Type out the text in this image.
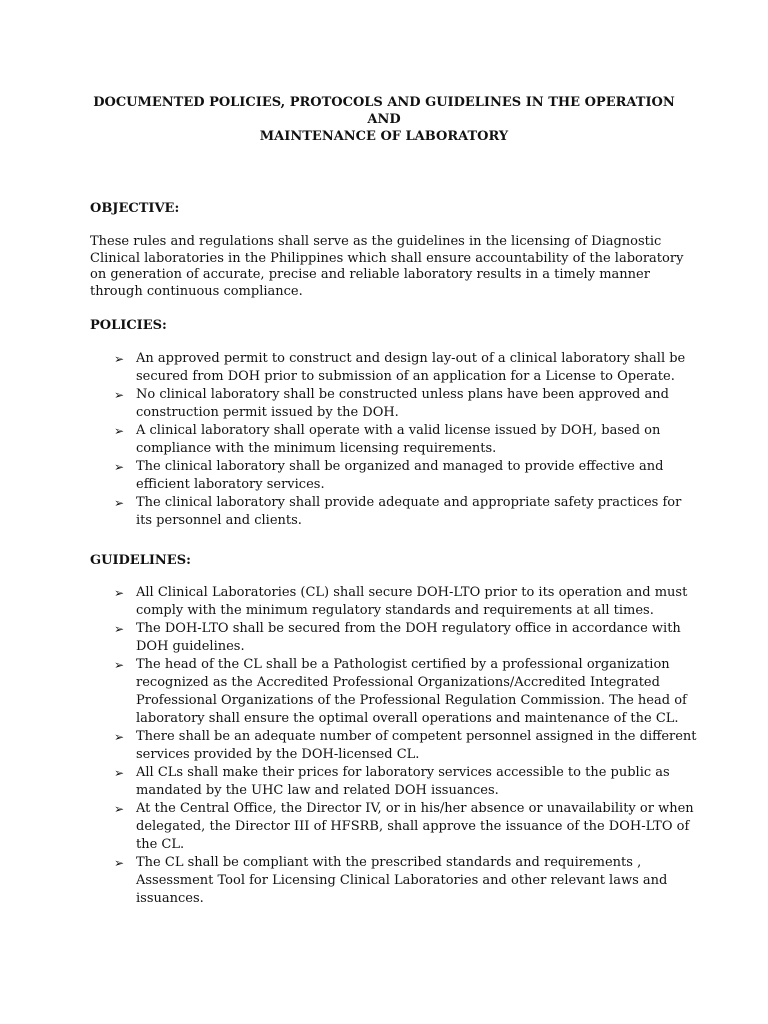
DOCUMENTED POLICIES, PROTOCOLS AND GUIDELINES IN THE OPERATION AND
MAINTENANCE OF LABORATORY
OBJECTIVE:
These rules and regulations shall serve as the guidelines in the licensing of Diagnostic Clinical laboratories in the Philippines which shall ensure accountability of the laboratory on generation of accurate, precise and reliable laboratory results in a timely manner through continuous compliance.
POLICIES:
➢ An approved permit to construct and design lay-out of a clinical laboratory shall be secured from DOH prior to submission of an application for a License to Operate.
➢ No clinical laboratory shall be constructed unless plans have been approved and construction permit issued by the DOH.
➢ A clinical laboratory shall operate with a valid license issued by DOH, based on compliance with the minimum licensing requirements.
➢ The clinical laboratory shall be organized and managed to provide effective and efficient laboratory services.
➢ The clinical laboratory shall provide adequate and appropriate safety practices for its personnel and clients.
GUIDELINES:
➢ All Clinical Laboratories (CL) shall secure DOH-LTO prior to its operation and must comply with the minimum regulatory standards and requirements at all times.
➢ The DOH-LTO shall be secured from the DOH regulatory office in accordance with DOH guidelines.
➢ The head of the CL shall be a Pathologist certified by a professional organization recognized as the Accredited Professional Organizations/Accredited Integrated Professional Organizations of the Professional Regulation Commission. The head of laboratory shall ensure the optimal overall operations and maintenance of the CL.
➢ There shall be an adequate number of competent personnel assigned in the different services provided by the DOH-licensed CL.
➢ All CLs shall make their prices for laboratory services accessible to the public as mandated by the UHC law and related DOH issuances.
➢ At the Central Office, the Director IV, or in his/her absence or unavailability or when delegated, the Director III of HFSRB, shall approve the issuance of the DOH-LTO of the CL.
➢ The CL shall be compliant with the prescribed standards and requirements , Assessment Tool for Licensing Clinical Laboratories and other relevant laws and issuances.
